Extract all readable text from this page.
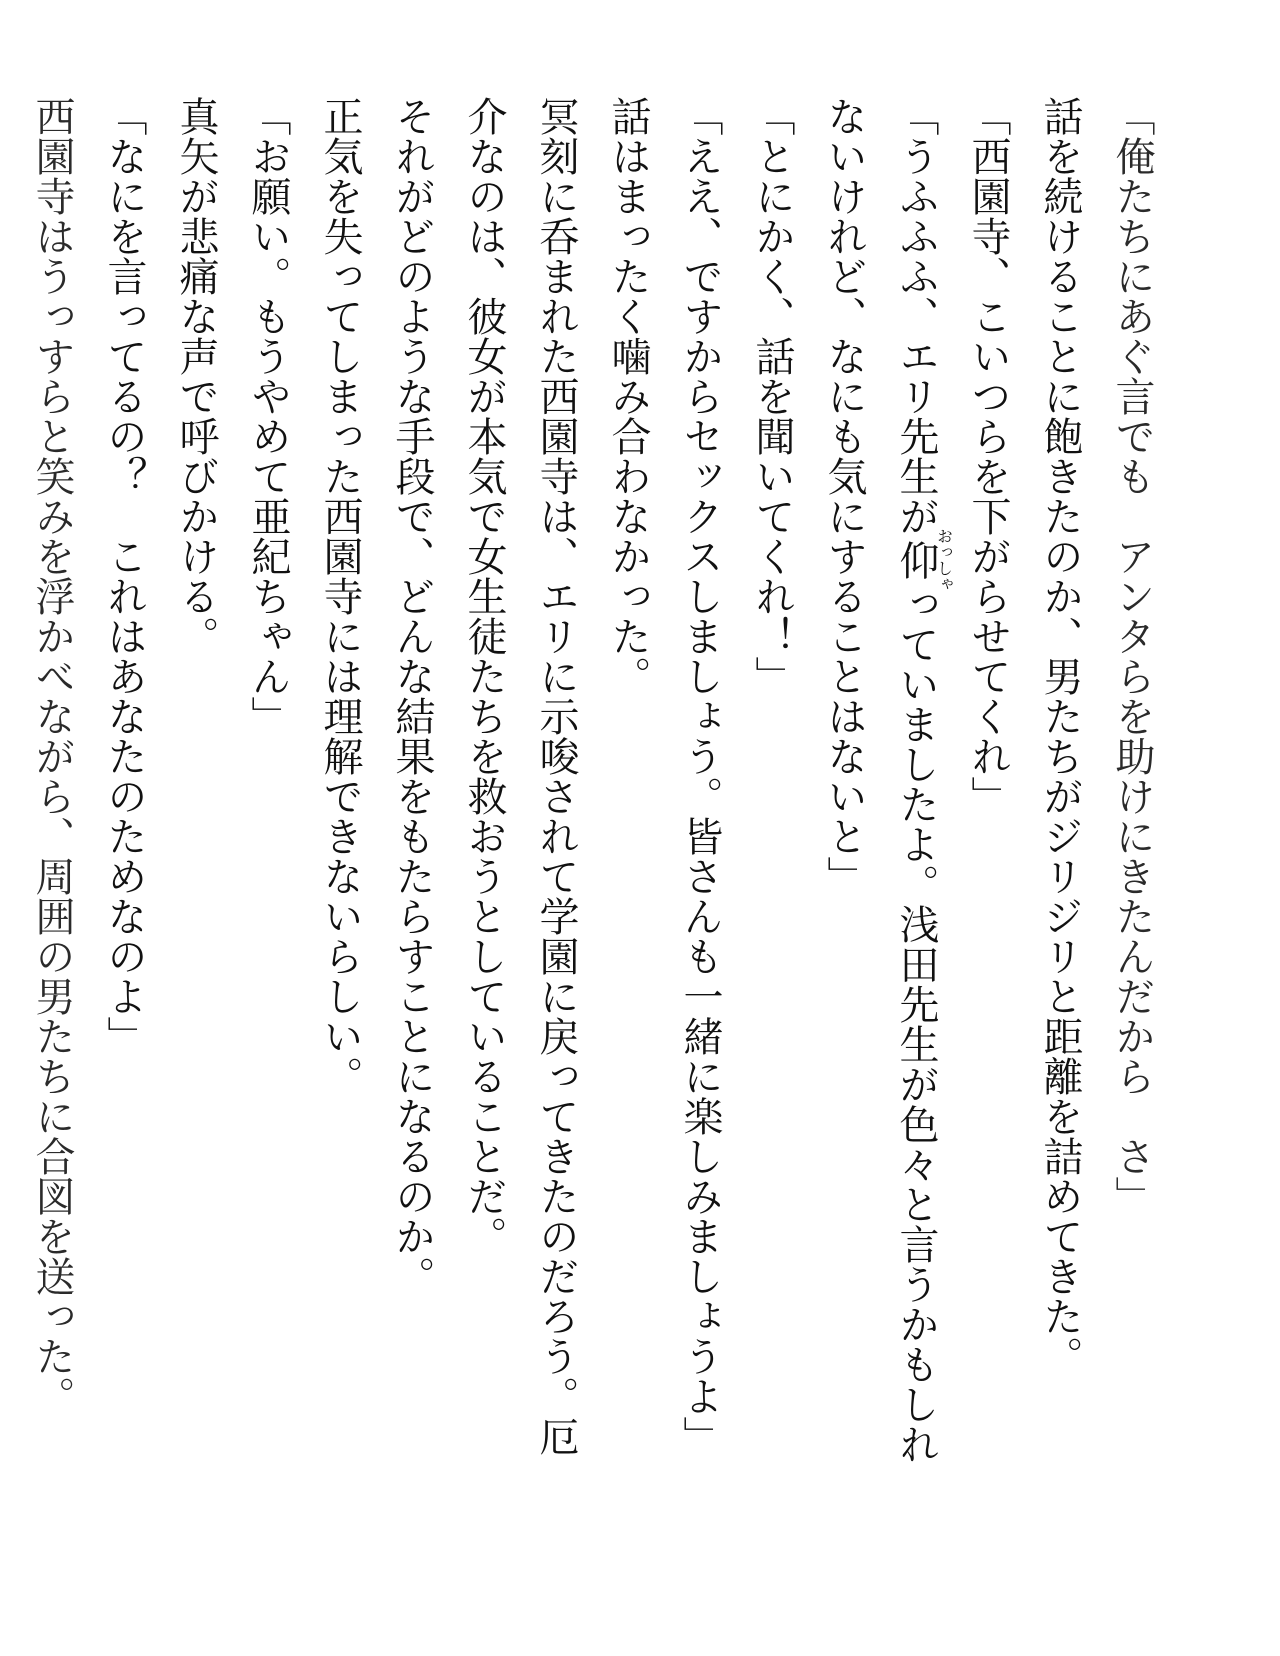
「俺たちにあぐ言でも　アンタらを助けにきたんだから　さ」
話を続けることに飽きたのか、男たちがジリジリと距離を詰めてきた。
「西園寺、こいつらを下がらせてくれ」
「うふふふ、エリ先生が仰おっしゃっていましたよ。浅田先生が色々と言うかもしれ
ないけれど、なにも気にすることはないと」
「とにかく、話を聞いてくれ！」
「ええ、ですからセックスしましょう。皆さんも一緒に楽しみましょうよ」
話はまったく噛み合わなかった。
冥刻に呑まれた西園寺は、エリに示唆されて学園に戻ってきたのだろう。厄
介なのは、彼女が本気で女生徒たちを救おうとしていることだ。
それがどのような手段で、どんな結果をもたらすことになるのか。
正気を失ってしまった西園寺には理解できないらしい。
「お願い。もうやめて亜紀ちゃん」
真矢が悲痛な声で呼びかける。
「なにを言ってるの？　これはあなたのためなのよ」
西園寺はうっすらと笑みを浮かべながら、周囲の男たちに合図を送った。
